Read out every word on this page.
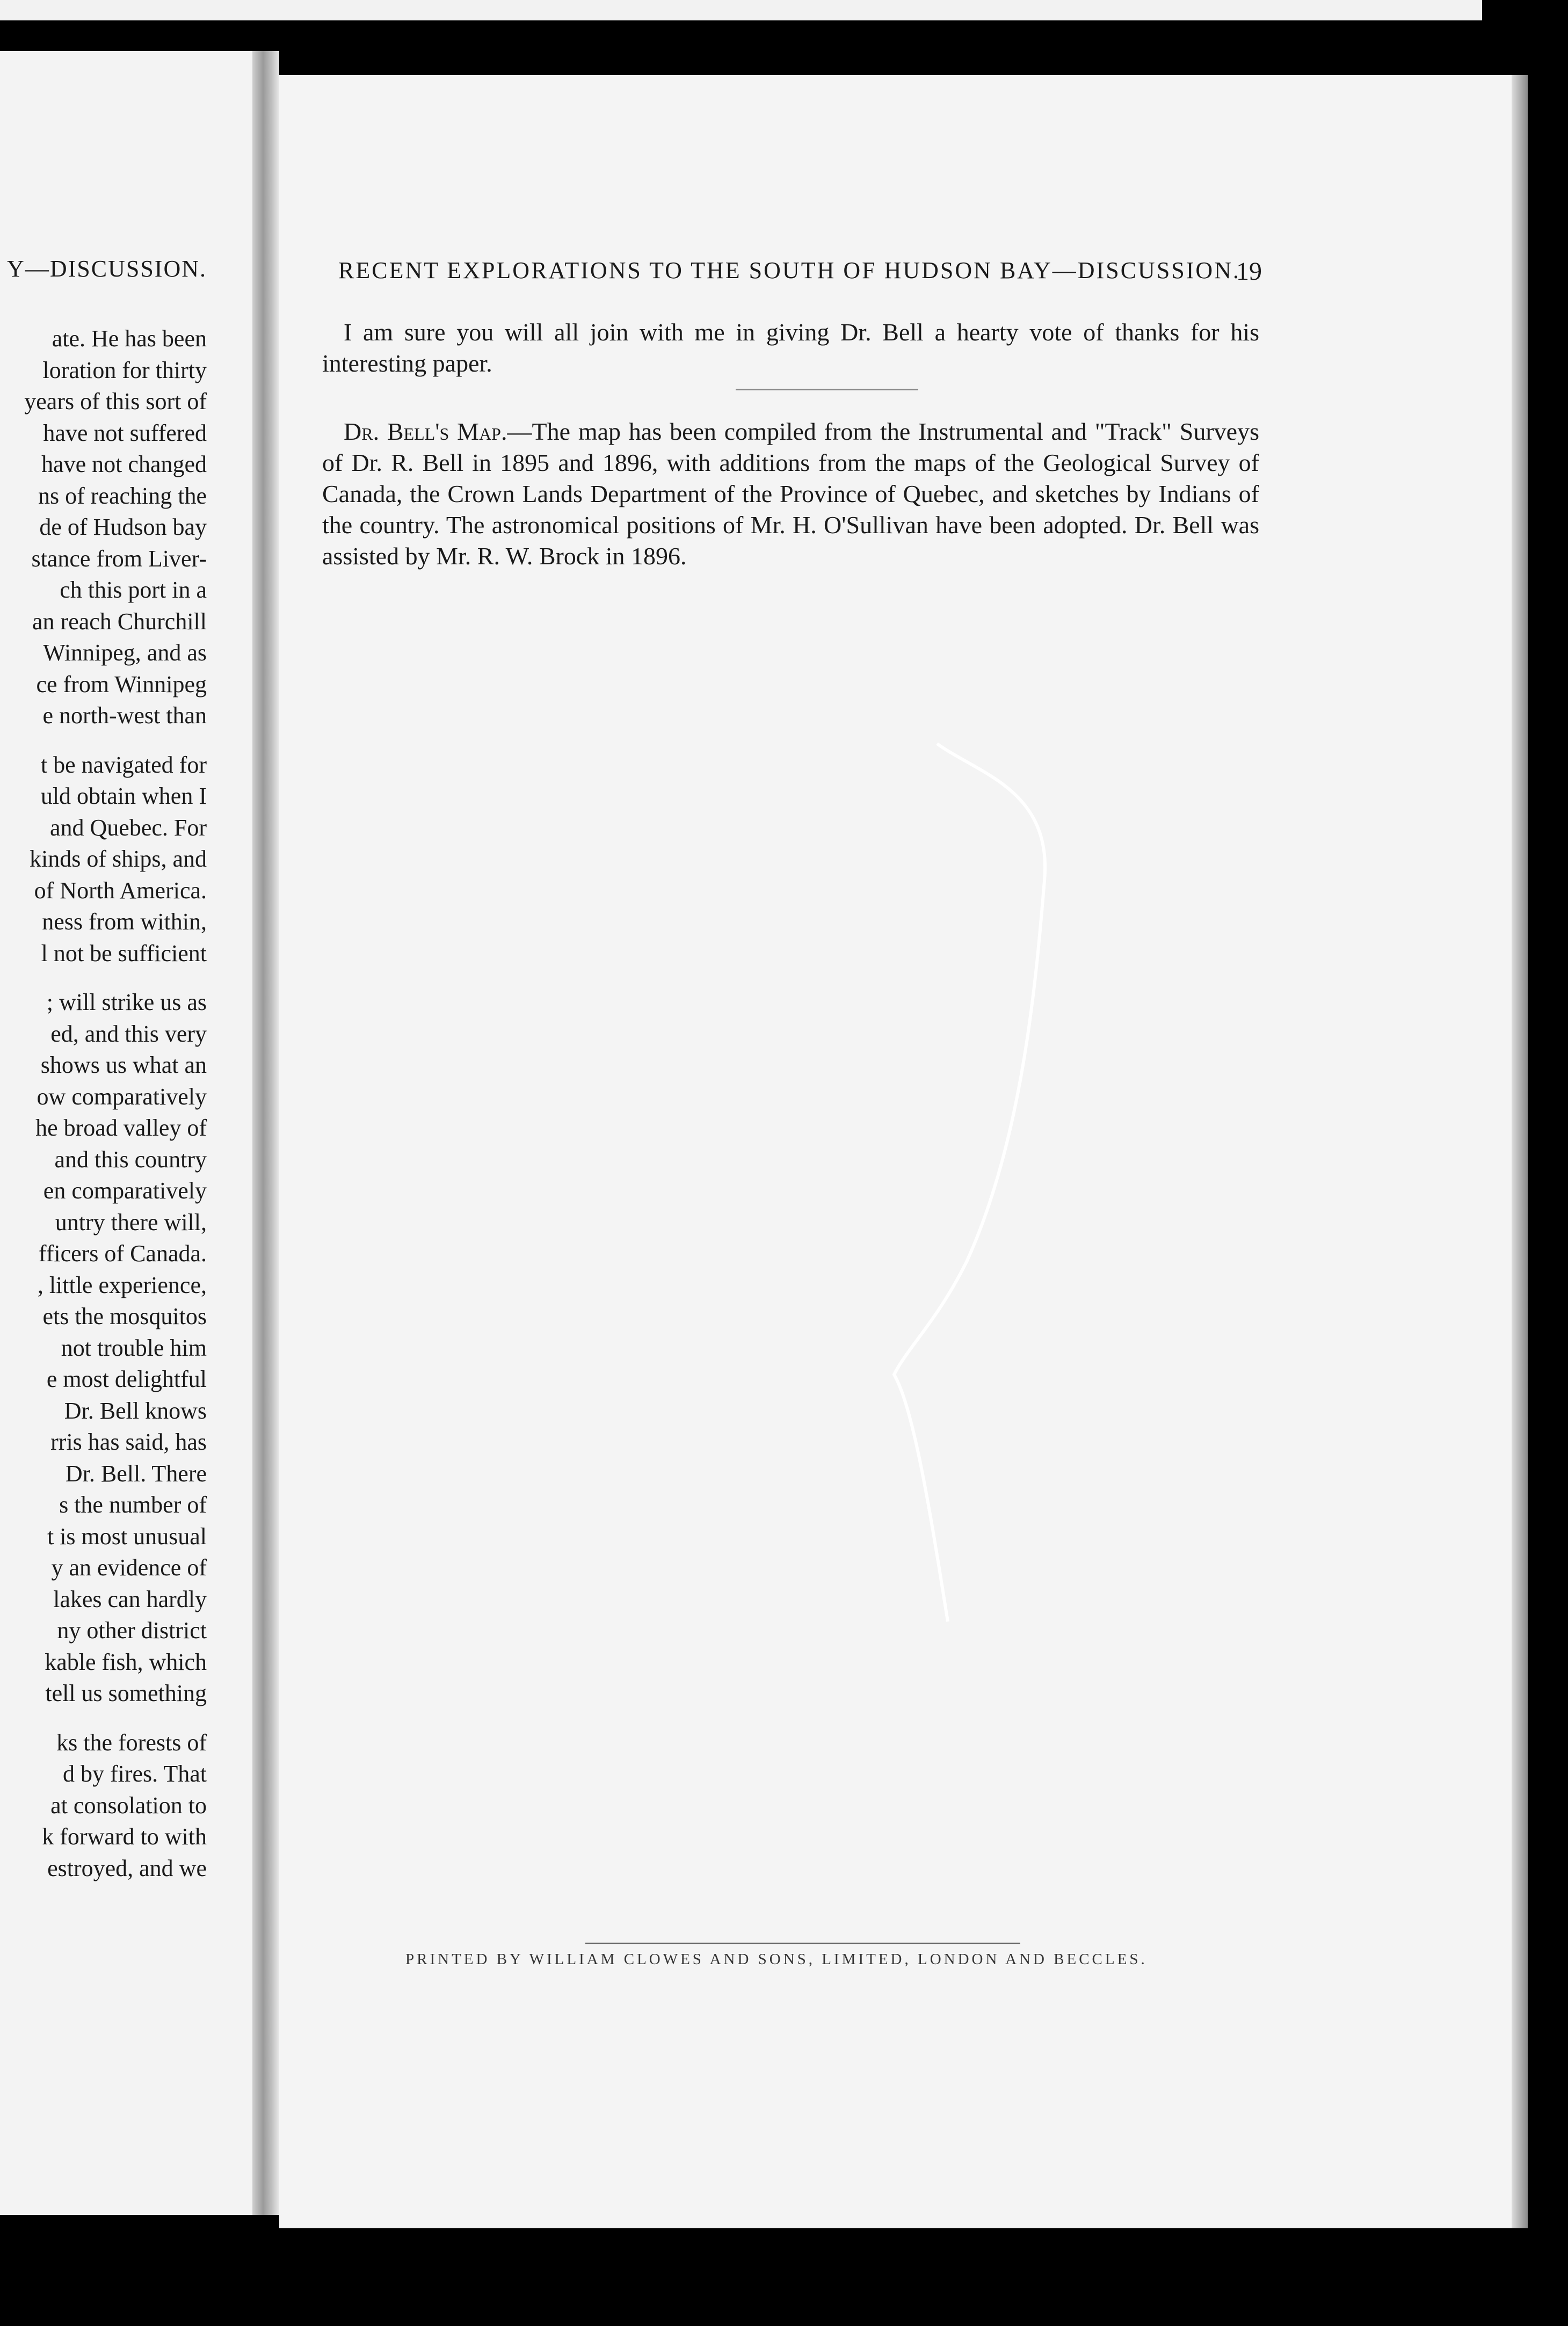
Y—DISCUSSION.
ate. He has been
loration for thirty
years of this sort of
have not suffered
have not changed
ns of reaching the
de of Hudson bay
stance from Liver-
ch this port in a
an reach Churchill
Winnipeg, and as
ce from Winnipeg
e north-west than
t be navigated for
uld obtain when I
and Quebec. For
kinds of ships, and
of North America.
ness from within,
l not be sufficient
; will strike us as
ed, and this very
shows us what an
ow comparatively
he broad valley of
and this country
en comparatively
untry there will,
fficers of Canada.
, little experience,
ets the mosquitos
not trouble him
e most delightful
Dr. Bell knows
rris has said, has
Dr. Bell. There
s the number of
t is most unusual
y an evidence of
lakes can hardly
ny other district
kable fish, which
tell us something
ks the forests of
d by fires. That
at consolation to
k forward to with
estroyed, and we
RECENT EXPLORATIONS TO THE SOUTH OF HUDSON BAY—DISCUSSION.
19
I am sure you will all join with me in giving Dr. Bell a hearty vote of thanks for his interesting paper.
Dr. Bell's Map.—The map has been compiled from the Instrumental and "Track" Surveys of Dr. R. Bell in 1895 and 1896, with additions from the maps of the Geological Survey of Canada, the Crown Lands Department of the Province of Quebec, and sketches by Indians of the country. The astronomical positions of Mr. H. O'Sullivan have been adopted. Dr. Bell was assisted by Mr. R. W. Brock in 1896.
PRINTED BY WILLIAM CLOWES AND SONS, LIMITED, LONDON AND BECCLES.
